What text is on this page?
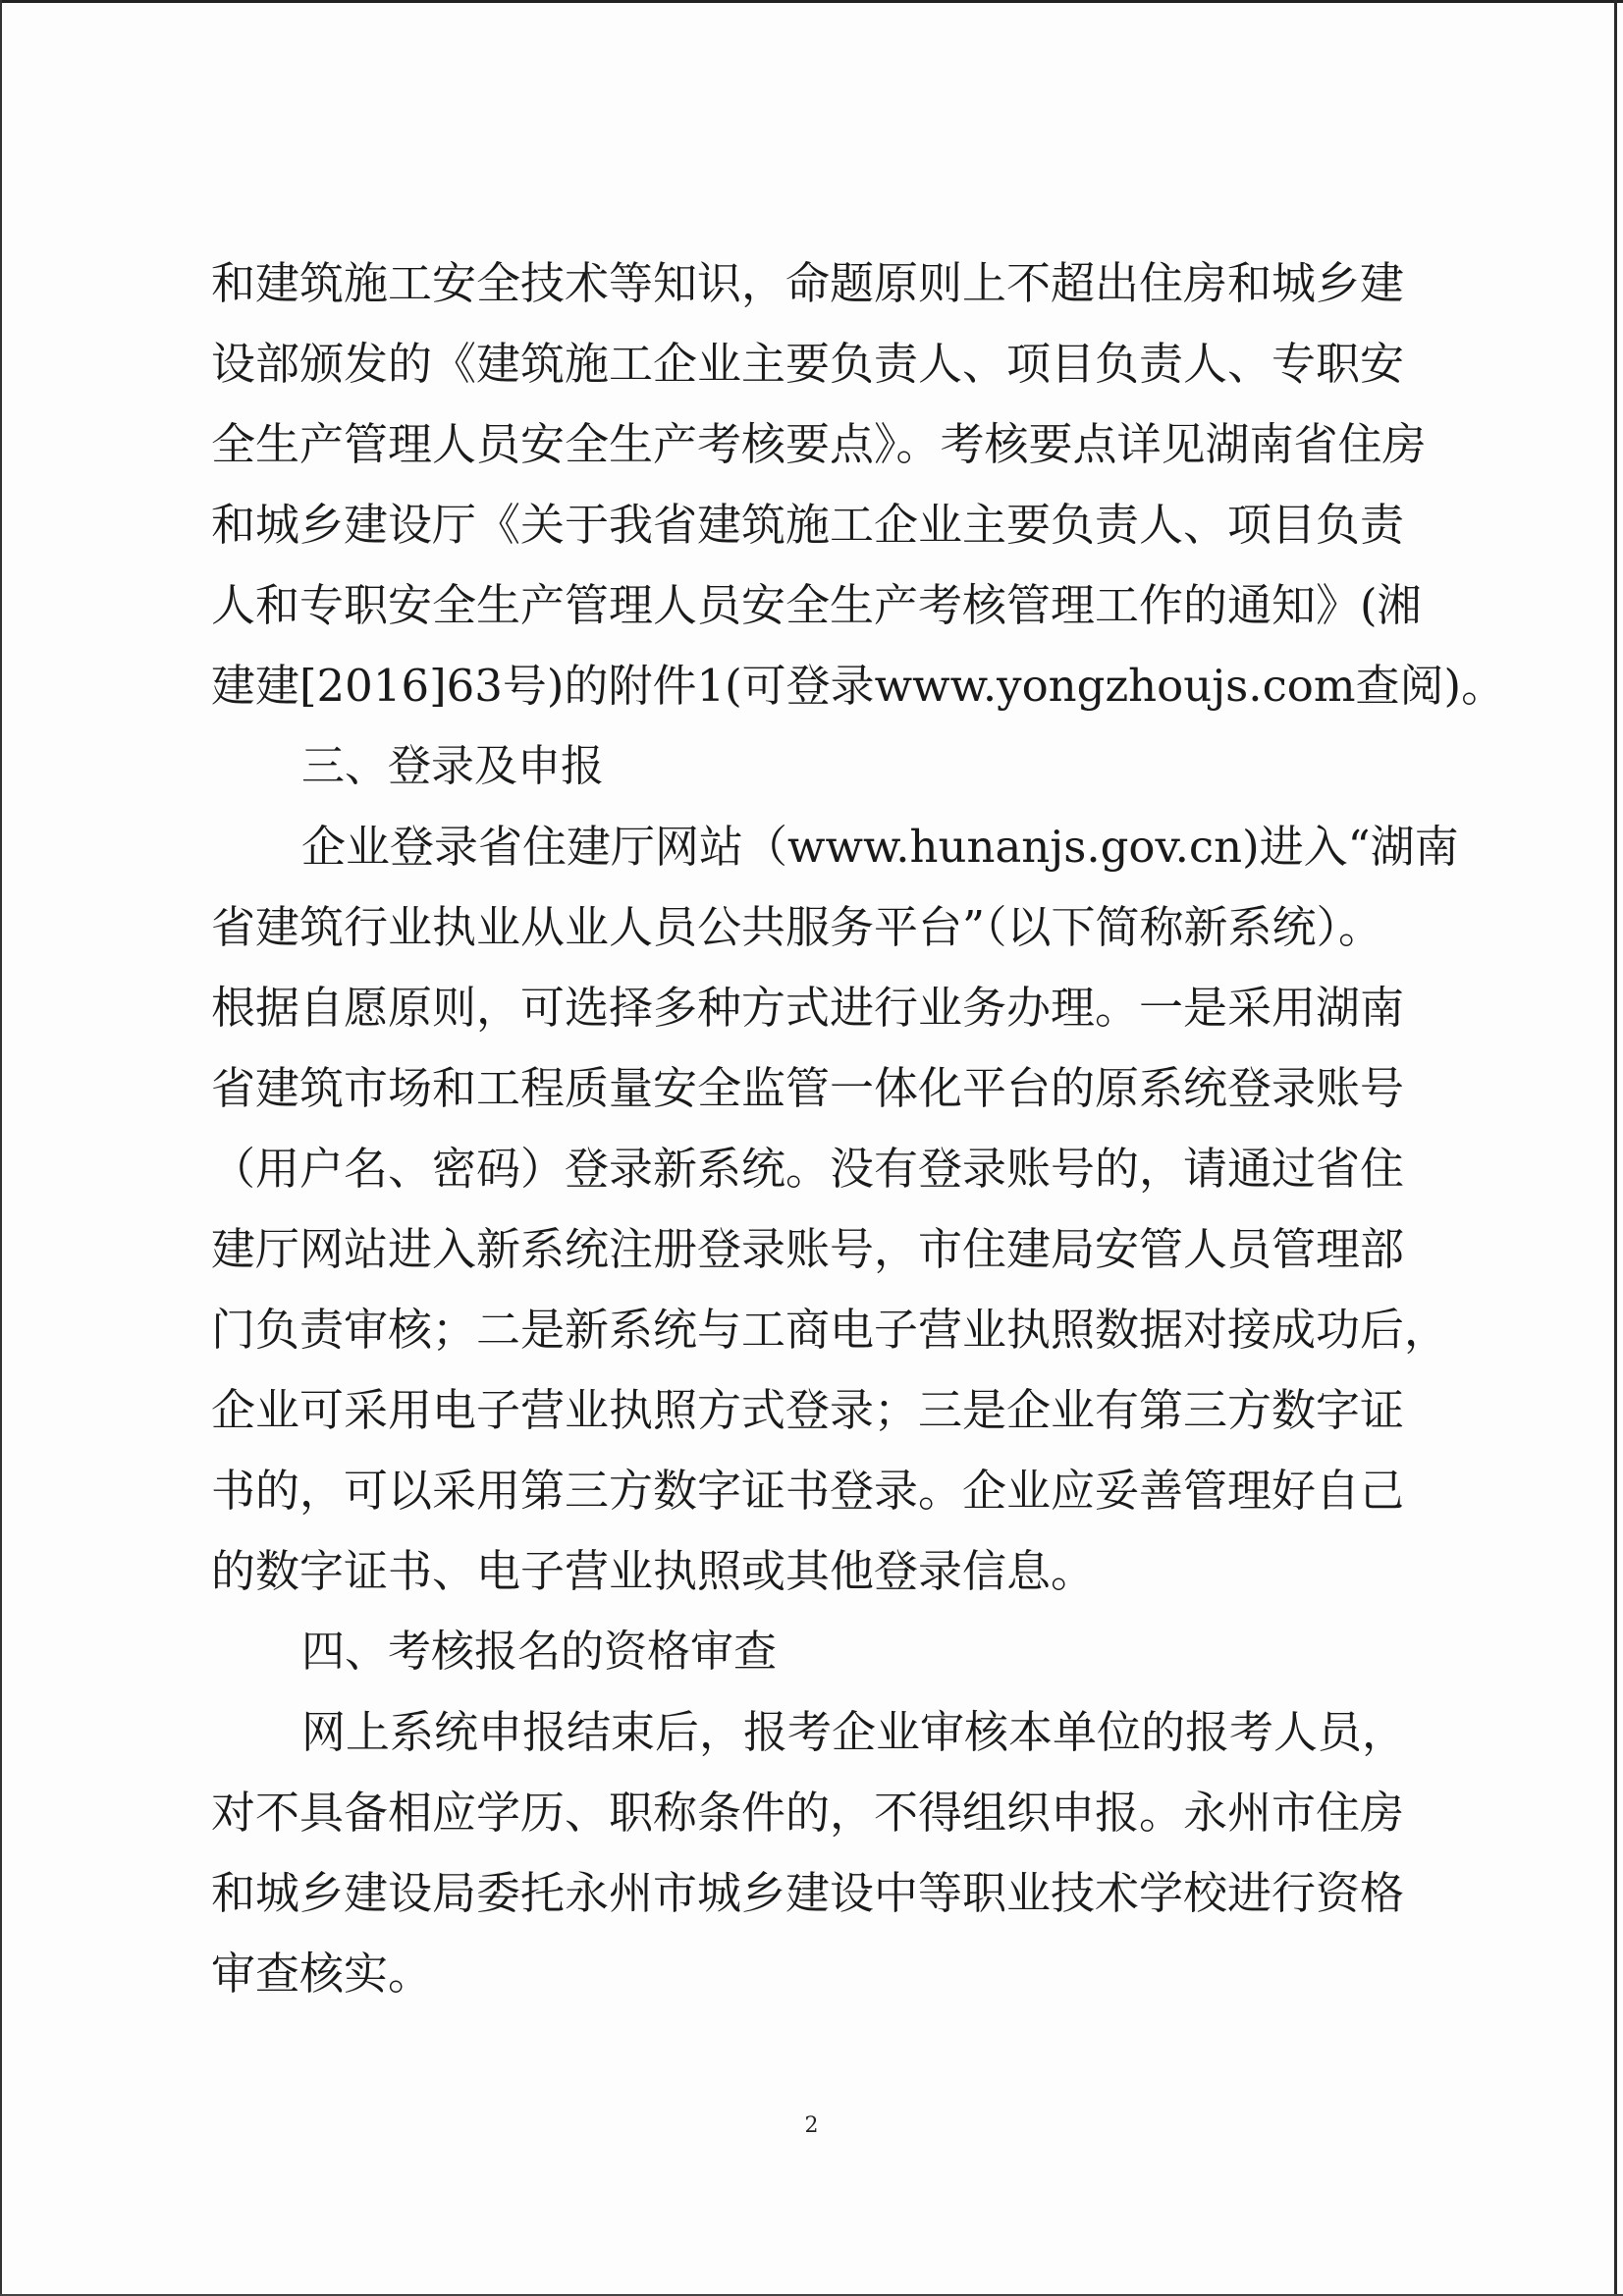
和建筑施工安全技术等知识，命题原则上不超出住房和城乡建
设部颁发的《建筑施工企业主要负责人、项目负责人、专职安
全生产管理人员安全生产考核要点》。考核要点详见湖南省住房
和城乡建设厅《关于我省建筑施工企业主要负责人、项目负责
人和专职安全生产管理人员安全生产考核管理工作的通知》(湘
建建[2016]63号)的附件1(可登录www.yongzhoujs.com查阅)。
三、登录及申报
企业登录省住建厅网站（www.hunanjs.gov.cn)进入“湖南
省建筑行业执业从业人员公共服务平台”（以下简称新系统）。
根据自愿原则，可选择多种方式进行业务办理。一是采用湖南
省建筑市场和工程质量安全监管一体化平台的原系统登录账号
（用户名、密码）登录新系统。没有登录账号的，请通过省住
建厅网站进入新系统注册登录账号，市住建局安管人员管理部
门负责审核；二是新系统与工商电子营业执照数据对接成功后，
企业可采用电子营业执照方式登录；三是企业有第三方数字证
书的，可以采用第三方数字证书登录。企业应妥善管理好自己
的数字证书、电子营业执照或其他登录信息。
四、考核报名的资格审查
网上系统申报结束后，报考企业审核本单位的报考人员，
对不具备相应学历、职称条件的，不得组织申报。永州市住房
和城乡建设局委托永州市城乡建设中等职业技术学校进行资格
审查核实。
2
